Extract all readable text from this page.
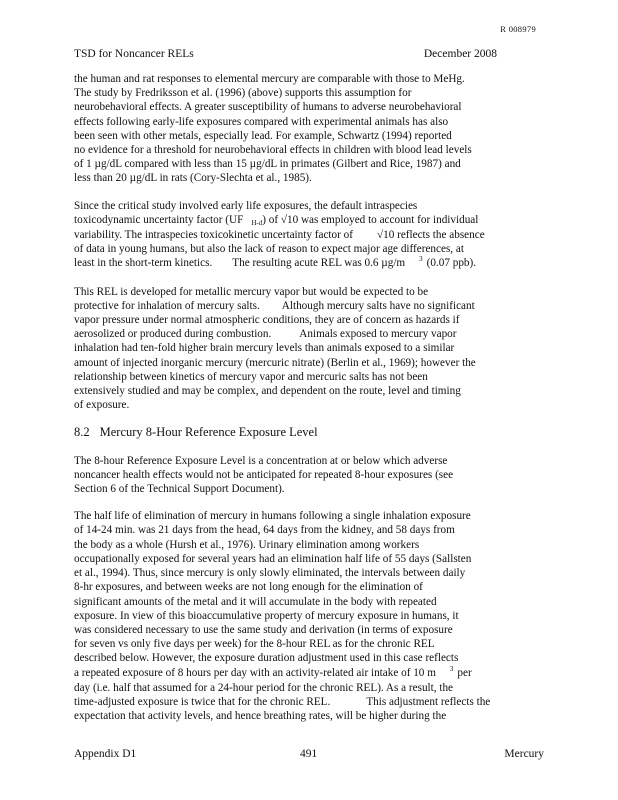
R 008979
TSD for Noncancer RELs	December 2008

the human and rat responses to elemental mercury are comparable with those to MeHg.
The study by Fredriksson et al. (1996) (above) supports this assumption for
neurobehavioral effects. A greater susceptibility of humans to adverse neurobehavioral
effects following early-life exposures compared with experimental animals has also
been seen with other metals, especially lead. For example, Schwartz (1994) reported
no evidence for a threshold for neurobehavioral effects in children with blood lead levels
of 1 µg/dL compared with less than 15 µg/dL in primates (Gilbert and Rice, 1987) and
less than 20 µg/dL in rats (Cory-Slechta et al., 1985).

Since the critical study involved early life exposures, the default intraspecies
toxicodynamic uncertainty factor (UF H-d) of √10 was employed to account for individual
variability. The intraspecies toxicokinetic uncertainty factor of √10 reflects the absence
of data in young humans, but also the lack of reason to expect major age differences, at
least in the short-term kinetics. The resulting acute REL was 0.6 µg/m $^3$ (0.07 ppb).

This REL is developed for metallic mercury vapor but would be expected to be
protective for inhalation of mercury salts. Although mercury salts have no significant
vapor pressure under normal atmospheric conditions, they are of concern as hazards if
aerosolized or produced during combustion.	Animals exposed to mercury vapor
inhalation had ten-fold higher brain mercury levels than animals exposed to a similar
amount of injected inorganic mercury (mercuric nitrate) (Berlin et al., 1969); however the
relationship between kinetics of mercury vapor and mercuric salts has not been
extensively studied and may be complex, and dependent on the route, level and timing
of exposure.

8.2 Mercury 8-Hour Reference Exposure Level

The 8-hour Reference Exposure Level is a concentration at or below which adverse
noncancer health effects would not be anticipated for repeated 8-hour exposures (see
Section 6 of the Technical Support Document).

The half life of elimination of mercury in humans following a single inhalation exposure
of 14-24 min. was 21 days from the head, 64 days from the kidney, and 58 days from
the body as a whole (Hursh et al., 1976). Urinary elimination among workers
occupationally exposed for several years had an elimination half life of 55 days (Sallsten
et al., 1994). Thus, since mercury is only slowly eliminated, the intervals between daily
8-hr exposures, and between weeks are not long enough for the elimination of
significant amounts of the metal and it will accumulate in the body with repeated
exposure. In view of this bioaccumulative property of mercury exposure in humans, it
was considered necessary to use the same study and derivation (in terms of exposure
for seven vs only five days per week) for the 8-hour REL as for the chronic REL
described below. However, the exposure duration adjustment used in this case reflects
a repeated exposure of 8 hours per day with an activity-related air intake of 10 m $^3$ per
day (i.e. half that assumed for a 24-hour period for the chronic REL). As a result, the
time-adjusted exposure is twice that for the chronic REL.	This adjustment reflects the
expectation that activity levels, and hence breathing rates, will be higher during the

Appendix D1	491	Mercury
